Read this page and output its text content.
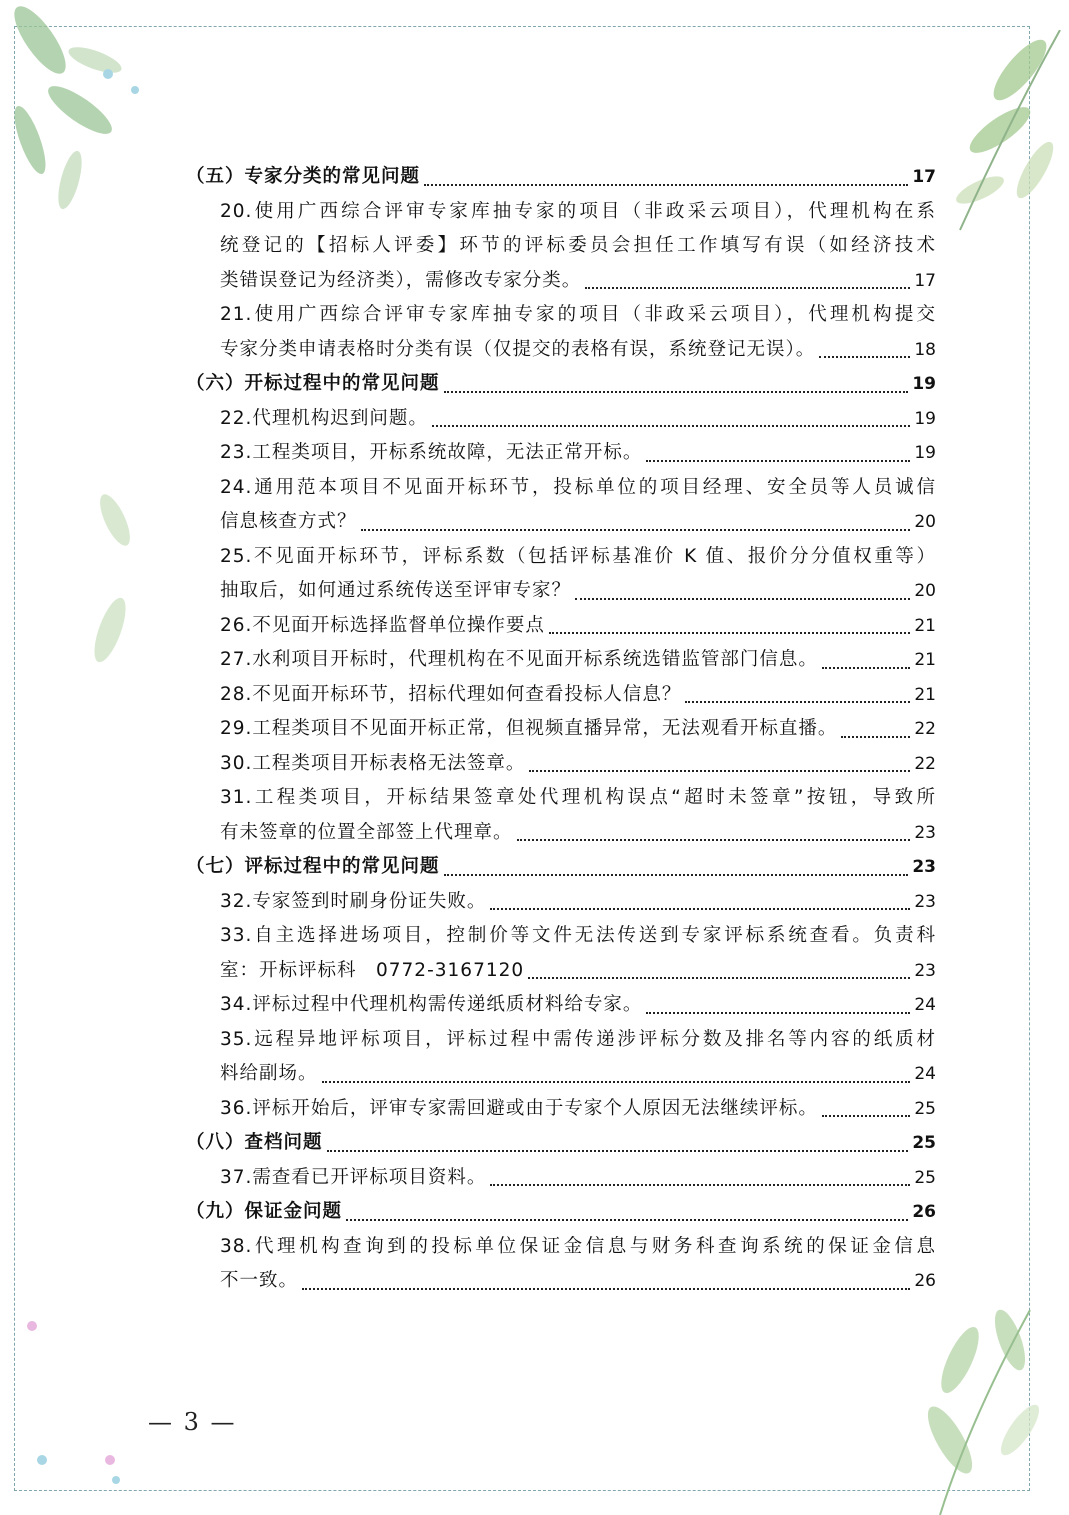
（五）专家分类的常见问题	17
20.使用广西综合评审专家库抽专家的项目（非政采云项目），代理机构在系
统登记的【招标人评委】环节的评标委员会担任工作填写有误（如经济技术
类错误登记为经济类），需修改专家分类。	17
21.使用广西综合评审专家库抽专家的项目（非政采云项目），代理机构提交
专家分类申请表格时分类有误（仅提交的表格有误，系统登记无误）。	18
（六）开标过程中的常见问题	19
22.代理机构迟到问题。	19
23.工程类项目，开标系统故障，无法正常开标。	19
24.通用范本项目不见面开标环节，投标单位的项目经理、安全员等人员诚信
信息核查方式？	20
25.不见面开标环节，评标系数（包括评标基准价 K 值、报价分分值权重等）
抽取后，如何通过系统传送至评审专家？	20
26.不见面开标选择监督单位操作要点	21
27.水利项目开标时，代理机构在不见面开标系统选错监管部门信息。	21
28.不见面开标环节，招标代理如何查看投标人信息？	21
29.工程类项目不见面开标正常，但视频直播异常，无法观看开标直播。	22
30.工程类项目开标表格无法签章。	22
31.工程类项目，开标结果签章处代理机构误点“超时未签章”按钮，导致所
有未签章的位置全部签上代理章。	23
（七）评标过程中的常见问题	23
32.专家签到时刷身份证失败。	23
33.自主选择进场项目，控制价等文件无法传送到专家评标系统查看。负责科
室：开标评标科　0772-3167120	23
34.评标过程中代理机构需传递纸质材料给专家。	24
35.远程异地评标项目，评标过程中需传递涉评标分数及排名等内容的纸质材
料给副场。	24
36.评标开始后，评审专家需回避或由于专家个人原因无法继续评标。	25
（八）查档问题	25
37.需查看已开评标项目资料。	25
（九）保证金问题	26
38.代理机构查询到的投标单位保证金信息与财务科查询系统的保证金信息
不一致。	26
— 3 —
